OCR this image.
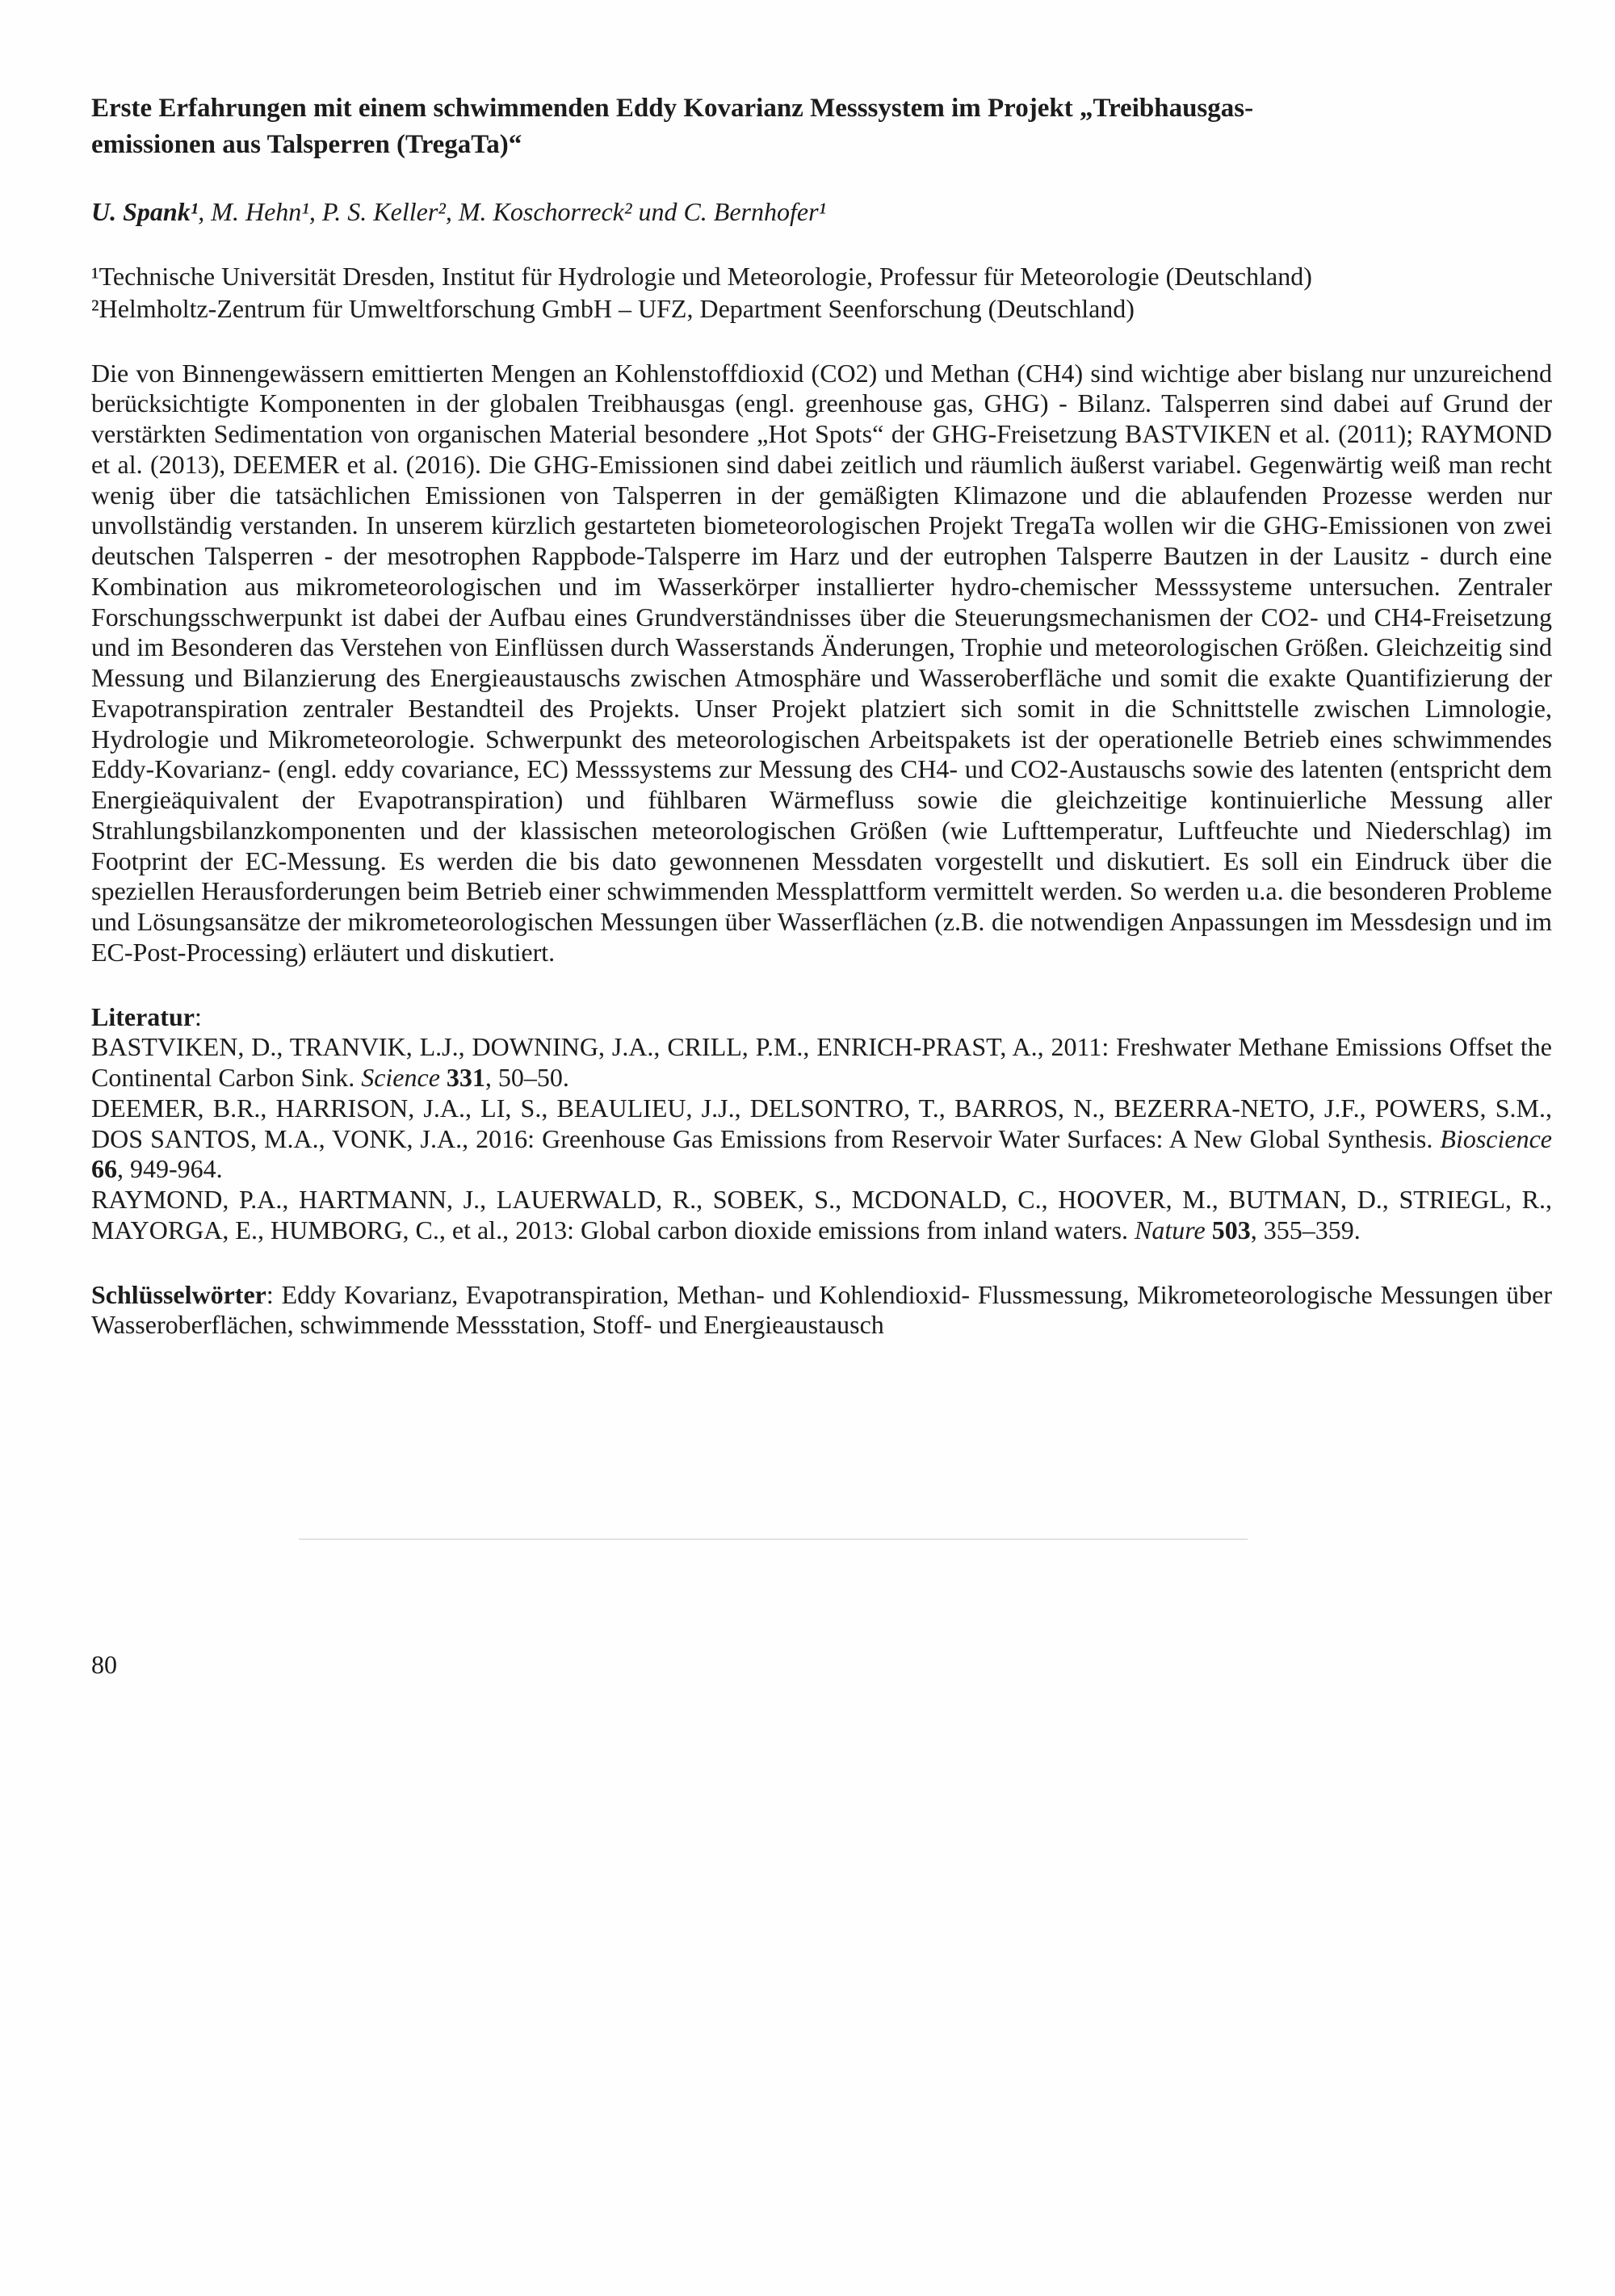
Erste Erfahrungen mit einem schwimmenden Eddy Kovarianz Messsystem im Projekt „Treibhausgas-
emissionen aus Talsperren (TregaTa)“

U. Spank¹, M. Hehn¹, P. S. Keller², M. Koschorreck² und C. Bernhofer¹

¹Technische Universität Dresden, Institut für Hydrologie und Meteorologie, Professur für Meteorologie (Deutschland)
²Helmholtz-Zentrum für Umweltforschung GmbH – UFZ, Department Seenforschung (Deutschland)

Die von Binnengewässern emittierten Mengen an Kohlenstoffdioxid (CO2) und Methan (CH4) sind wichtige aber bislang nur unzureichend berücksichtigte Komponenten in der globalen Treibhausgas (engl. greenhouse gas, GHG) - Bilanz. Talsperren sind dabei auf Grund der verstärkten Sedimentation von organischen Material besondere „Hot Spots“ der GHG-Freisetzung BASTVIKEN et al. (2011); RAYMOND et al. (2013), DEEMER et al. (2016). Die GHG-Emissionen sind dabei zeitlich und räumlich äußerst variabel. Gegenwärtig weiß man recht wenig über die tatsächlichen Emissionen von Talsperren in der gemäßigten Klimazone und die ablaufenden Prozesse werden nur unvollständig verstanden. In unserem kürzlich gestarteten biometeorologischen Projekt TregaTa wollen wir die GHG-Emissionen von zwei deutschen Talsperren - der mesotrophen Rappbode-Talsperre im Harz und der eutrophen Talsperre Bautzen in der Lausitz - durch eine Kombination aus mikrometeorologischen und im Wasserkörper installierter hydro-chemischer Messsysteme untersuchen. Zentraler Forschungsschwerpunkt ist dabei der Aufbau eines Grundverständnisses über die Steuerungsmechanismen der CO2- und CH4-Freisetzung und im Besonderen das Verstehen von Einflüssen durch Wasserstands Änderungen, Trophie und meteorologischen Größen. Gleichzeitig sind Messung und Bilanzierung des Energieaustauschs zwischen Atmosphäre und Wasseroberfläche und somit die exakte Quantifizierung der Evapotranspiration zentraler Bestandteil des Projekts. Unser Projekt platziert sich somit in die Schnittstelle zwischen Limnologie, Hydrologie und Mikrometeorologie. Schwerpunkt des meteorologischen Arbeitspakets ist der operationelle Betrieb eines schwimmendes Eddy-Kovarianz- (engl. eddy covariance, EC) Messsystems zur Messung des CH4- und CO2-Austauschs sowie des latenten (entspricht dem Energieäquivalent der Evapotranspiration) und fühlbaren Wärmefluss sowie die gleichzeitige kontinuierliche Messung aller Strahlungsbilanzkomponenten und der klassischen meteorologischen Größen (wie Lufttemperatur, Luftfeuchte und Niederschlag) im Footprint der EC-Messung. Es werden die bis dato gewonnenen Messdaten vorgestellt und diskutiert. Es soll ein Eindruck über die speziellen Herausforderungen beim Betrieb einer schwimmenden Messplattform vermittelt werden. So werden u.a. die besonderen Probleme und Lösungsansätze der mikrometeorologischen Messungen über Wasserflächen (z.B. die notwendigen Anpassungen im Messdesign und im EC-Post-Processing) erläutert und diskutiert.

Literatur:

BASTVIKEN, D., TRANVIK, L.J., DOWNING, J.A., CRILL, P.M., ENRICH-PRAST, A., 2011: Freshwater Methane Emissions Offset the Continental Carbon Sink. Science 331, 50–50.

DEEMER, B.R., HARRISON, J.A., LI, S., BEAULIEU, J.J., DELSONTRO, T., BARROS, N., BEZERRA-NETO, J.F., POWERS, S.M., DOS SANTOS, M.A., VONK, J.A., 2016: Greenhouse Gas Emissions from Reservoir Water Surfaces: A New Global Synthesis. Bioscience 66, 949-964.

RAYMOND, P.A., HARTMANN, J., LAUERWALD, R., SOBEK, S., MCDONALD, C., HOOVER, M., BUTMAN, D., STRIEGL, R., MAYORGA, E., HUMBORG, C., et al., 2013: Global carbon dioxide emissions from inland waters. Nature 503, 355–359.

Schlüsselwörter: Eddy Kovarianz, Evapotranspiration, Methan- und Kohlendioxid- Flussmessung, Mikrometeorologische Messungen über Wasseroberflächen, schwimmende Messstation, Stoff- und Energieaustausch

80
